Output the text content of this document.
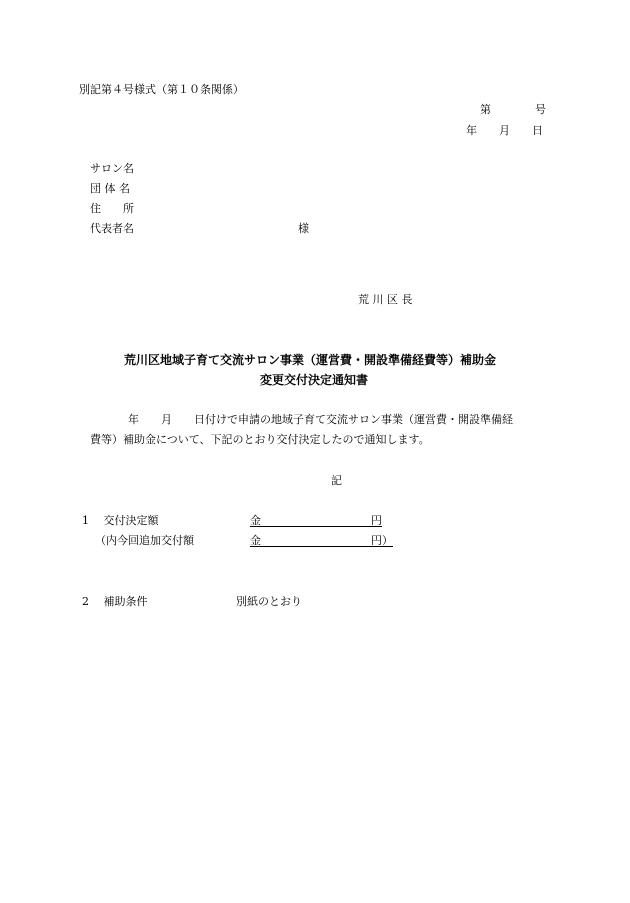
別記第４号様式（第１０条関係）
第　　　　号
年　　月　　日
サロン名
団 体 名
住　　所
代表者名	様
荒 川 区 長
荒川区地域子育て交流サロン事業（運営費・開設準備経費等）補助金
変更交付決定通知書
年　　月　　日付けで申請の地域子育て交流サロン事業（運営費・開設準備経
費等）補助金について、下記のとおり交付決定したので通知します。
記
1　 交付決定額	金　　　　　　　　　　円
（内今回追加交付額	金　　　　　　　　　　円）
2　 補助条件	別紙のとおり
